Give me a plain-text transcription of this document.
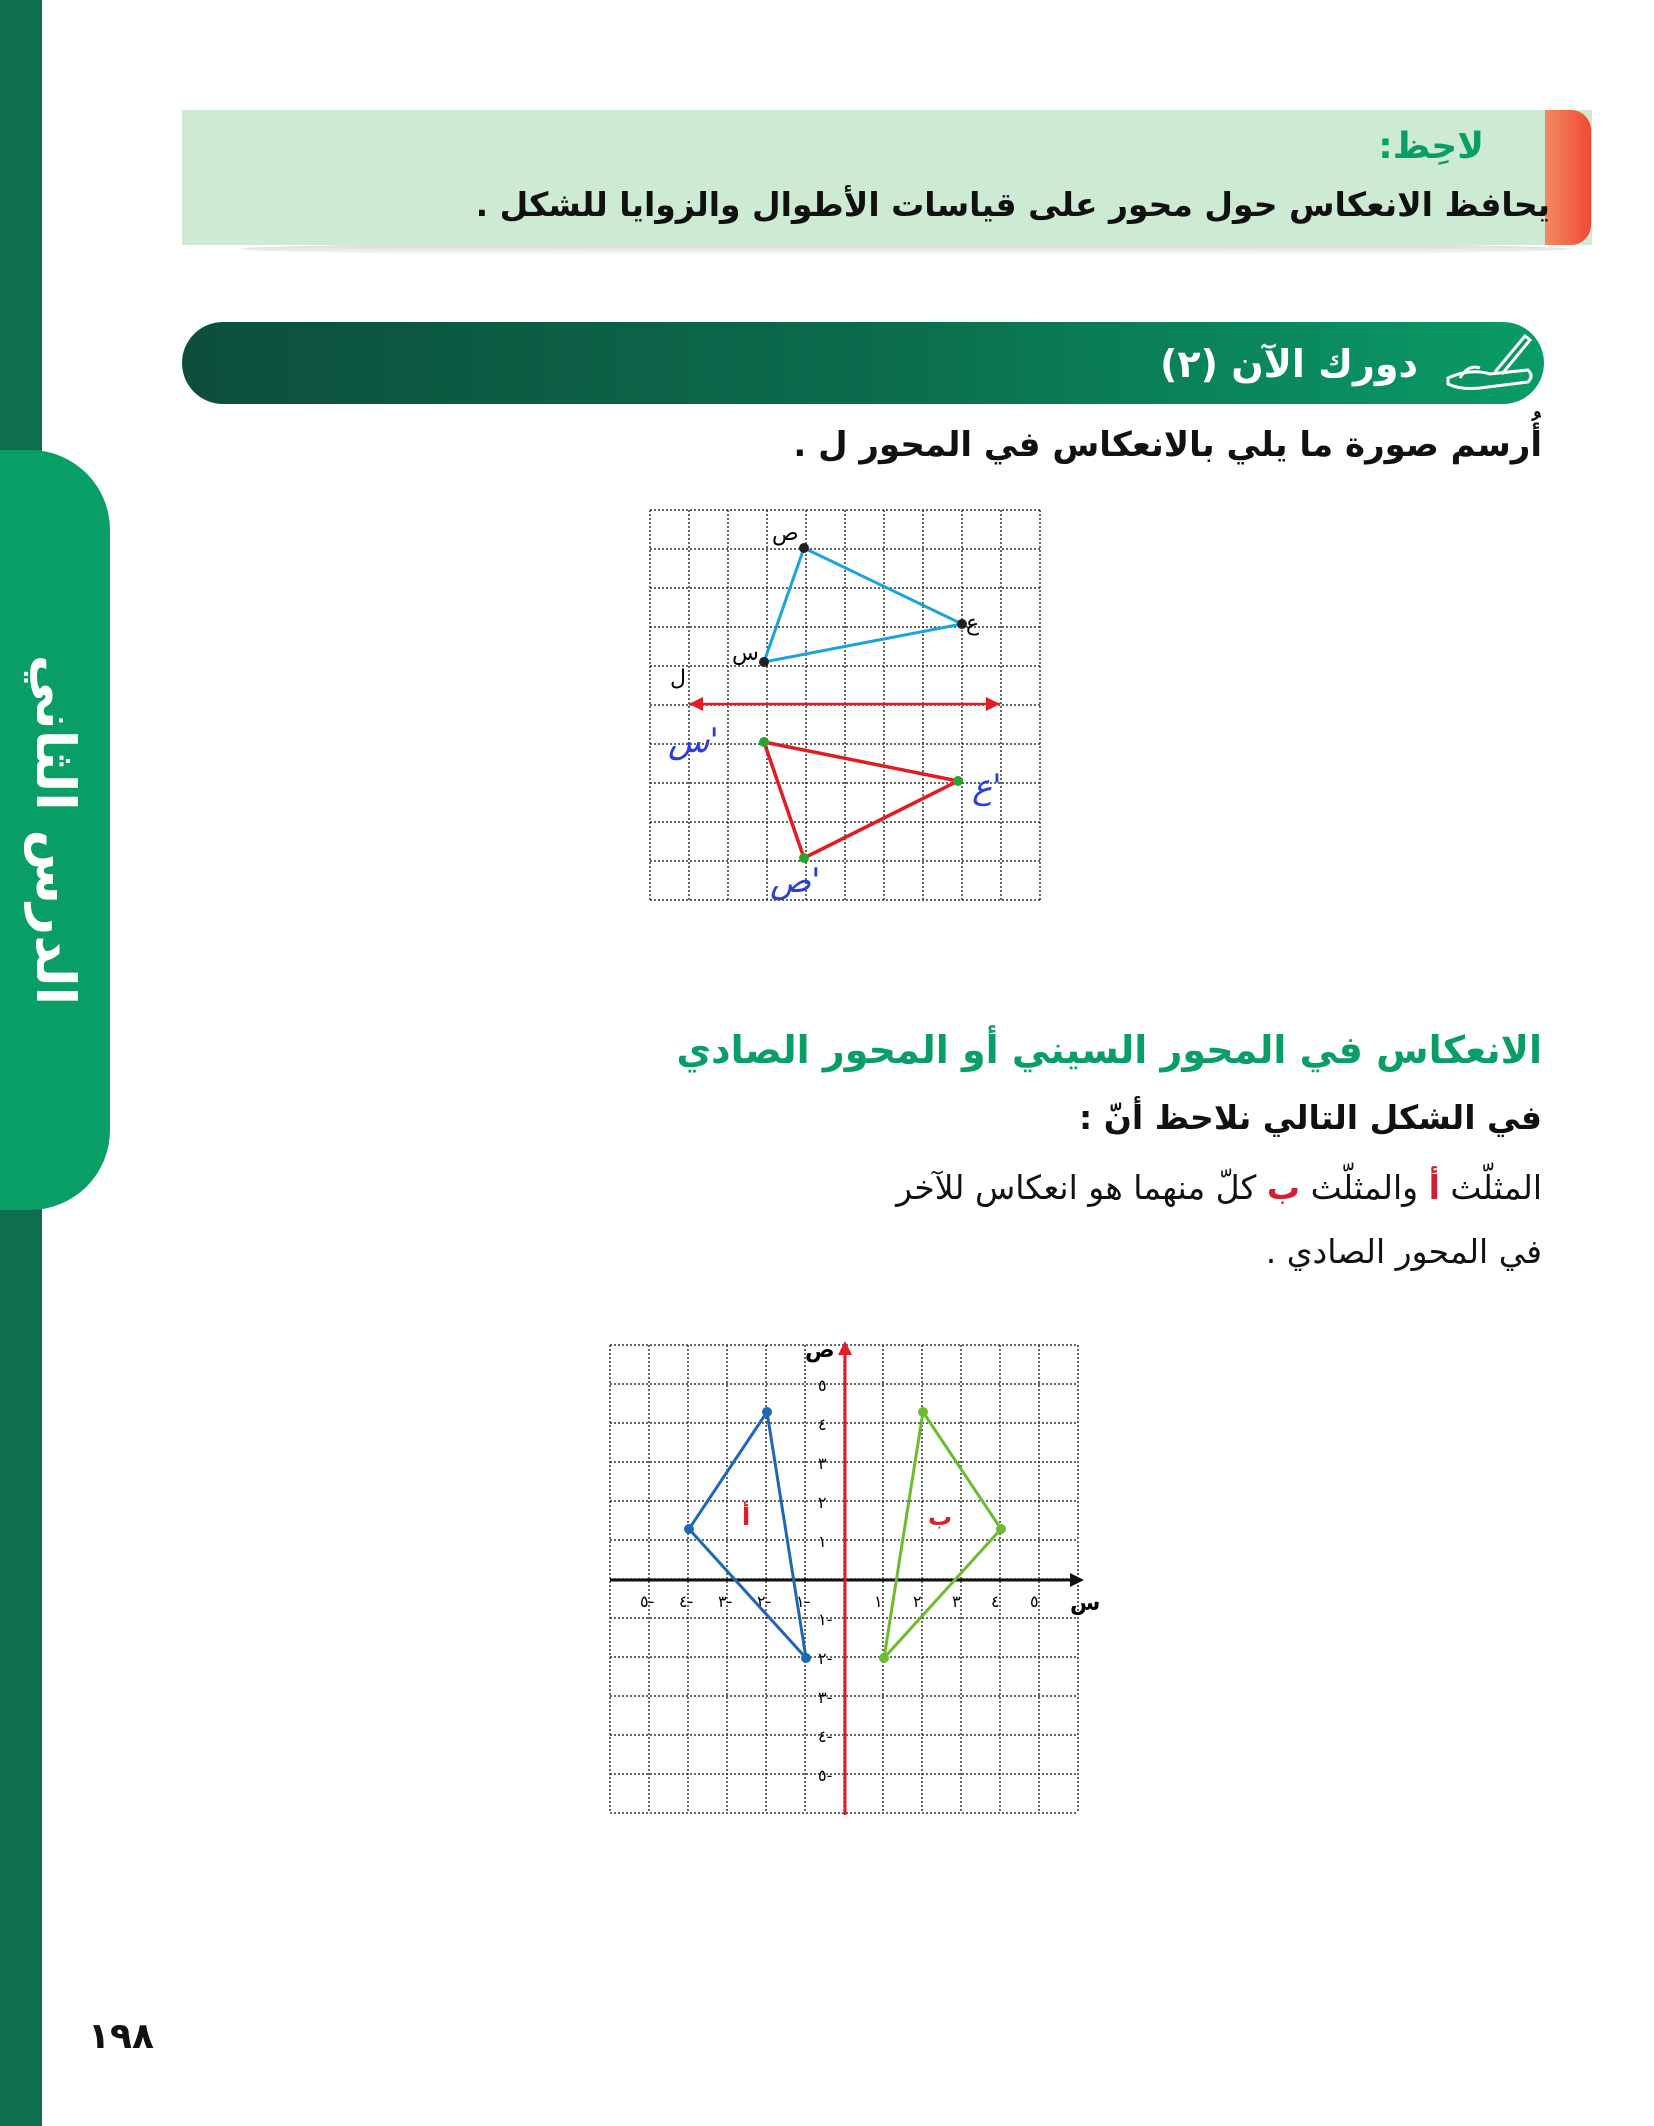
الدرس الثاني
لاحِظ:
يحافظ الانعكاس حول محور على قياسات الأطوال والزوايا للشكل .
دورك الآن (٢)
أُرسم صورة ما يلي بالانعكاس في المحور ل .
ل
ص
ع
س
س'
ع'
ص'
الانعكاس في المحور السيني أو المحور الصادي
في الشكل التالي نلاحظ أنّ :
المثلّث أ والمثلّث ب كلّ منهما هو انعكاس للآخر
في المحور الصادي .
س
ص
٥- ٤- ٣- ٢- ١-	١ ٢ ٣ ٤ ٥
٥
٤
٣
٢
١
١-
٢-
٣-
٤-
٥-
أ	ب
١٩٨
